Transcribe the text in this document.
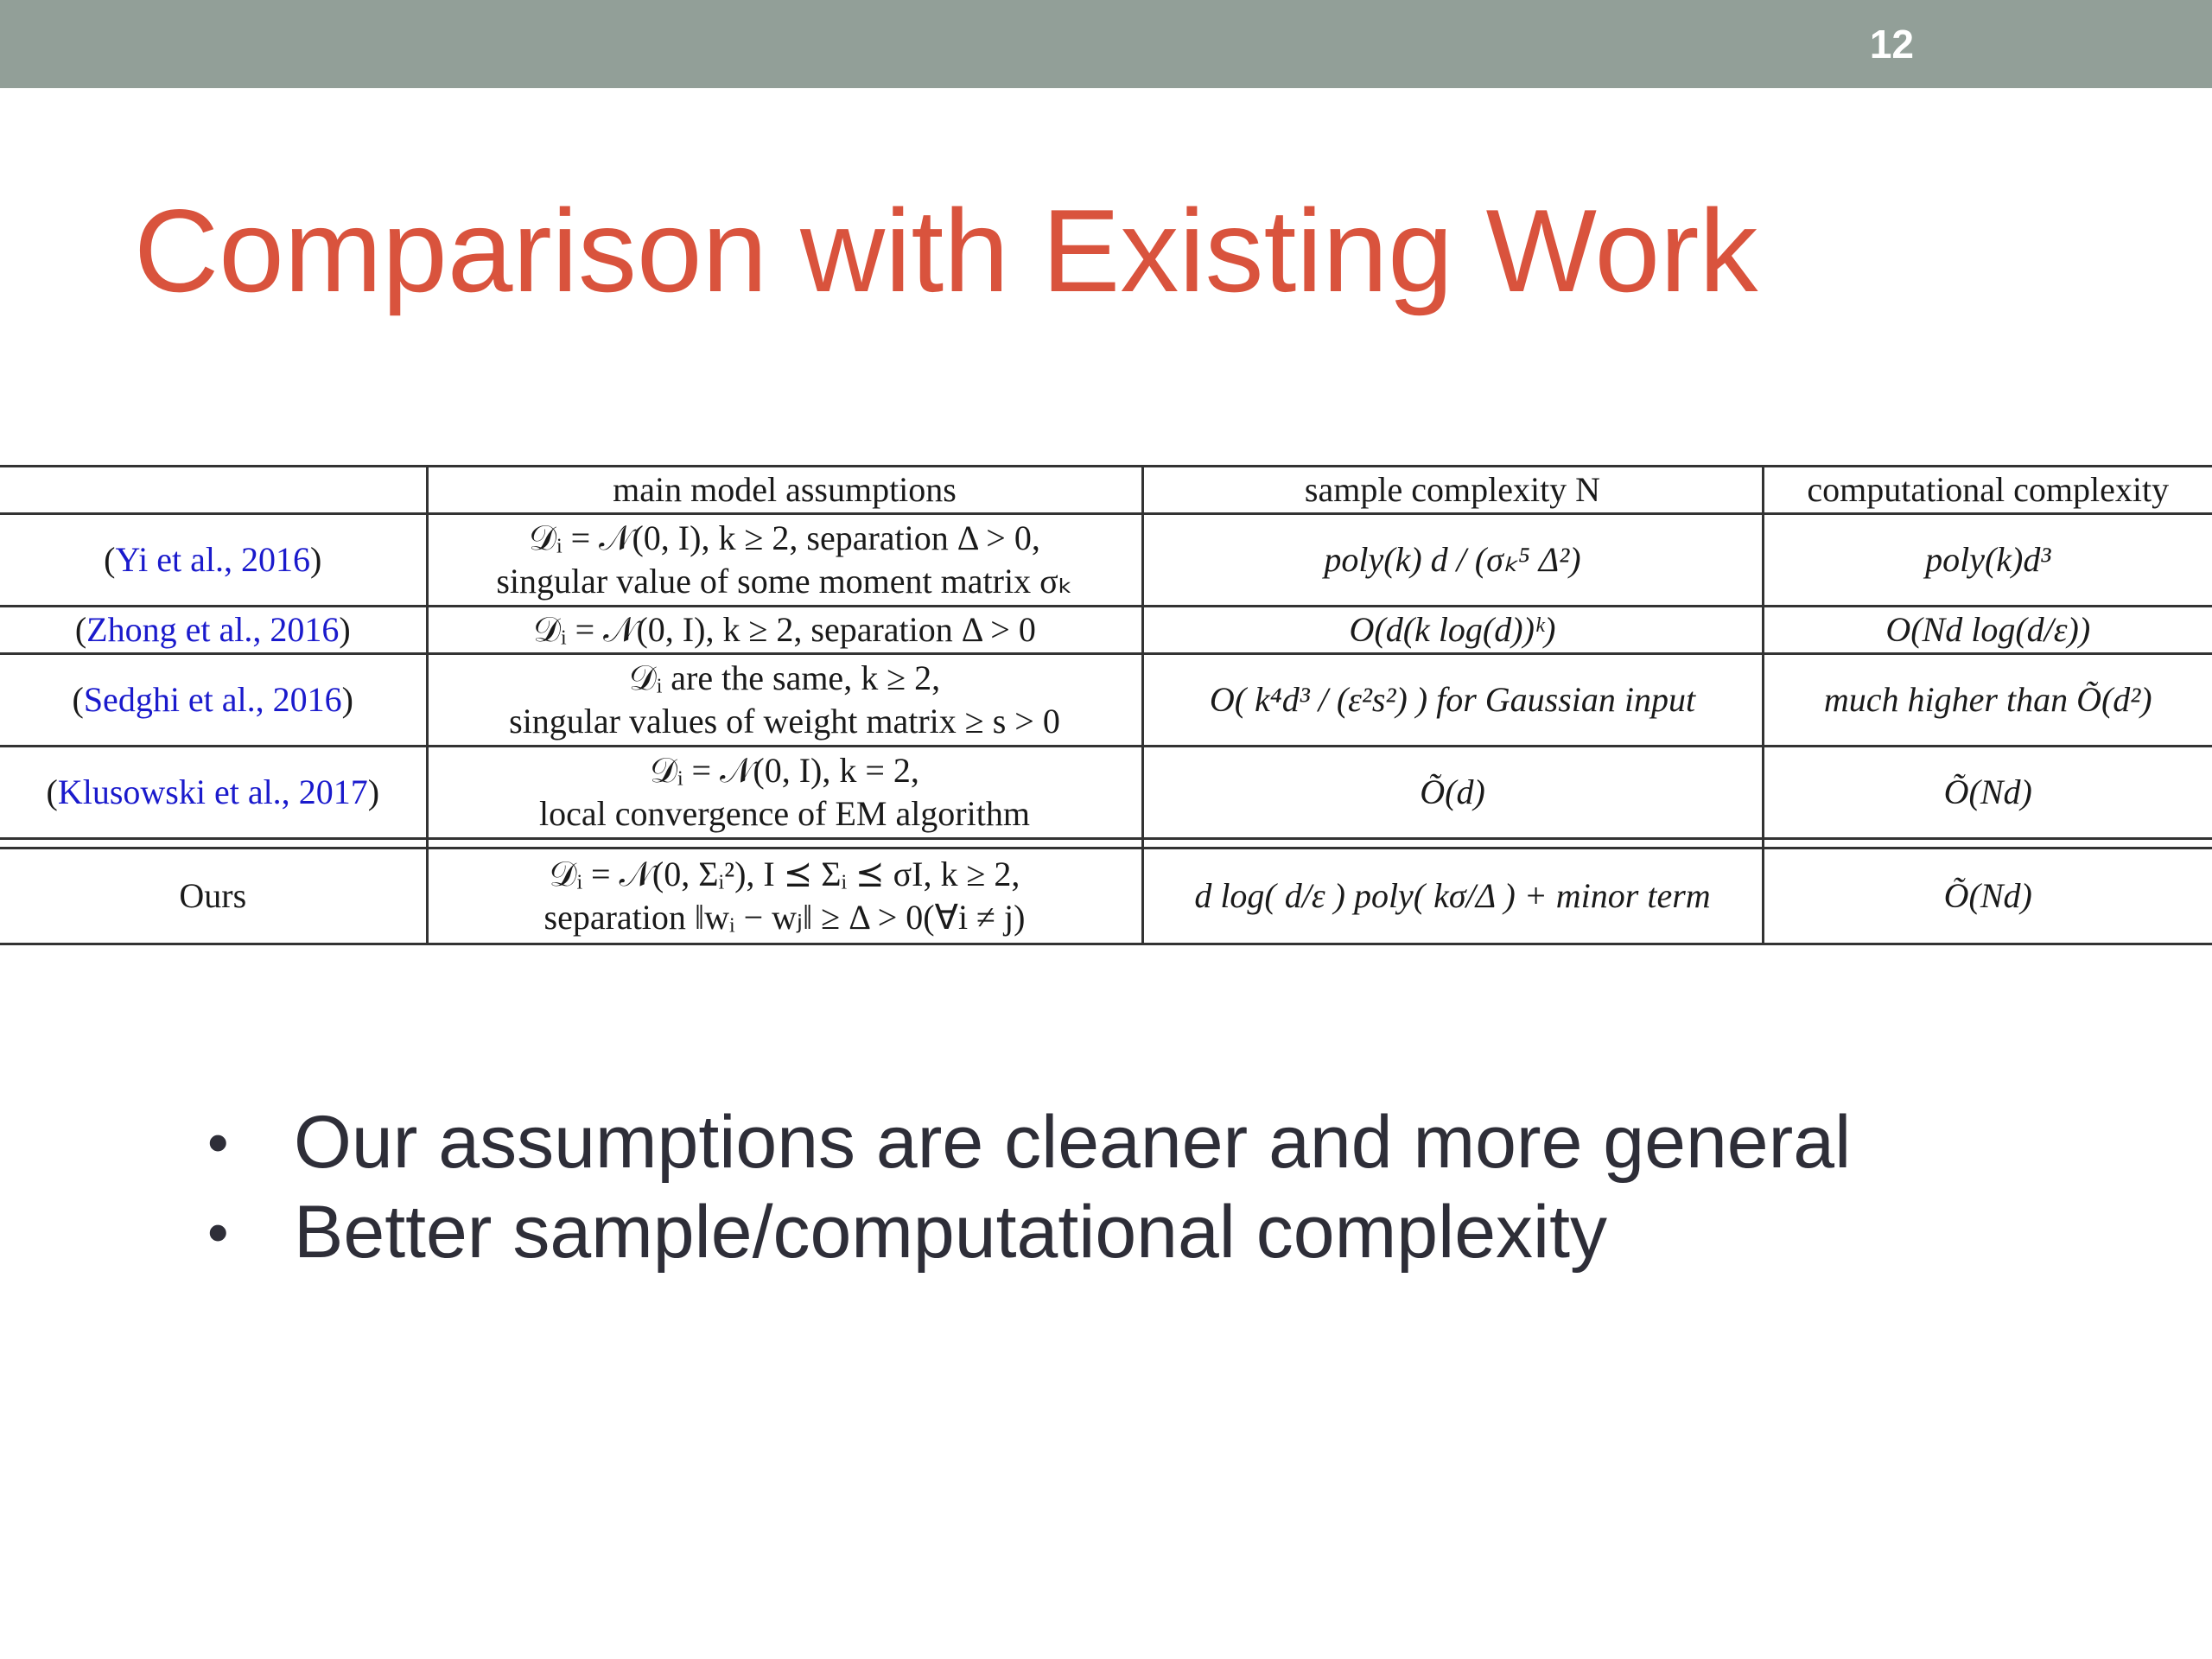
12
Comparison with Existing Work
	main model assumptions	sample complexity N	computational complexity
(Yi et al., 2016)	𝒟ᵢ = 𝒩(0, I), k ≥ 2, separation Δ > 0,
singular value of some moment matrix σₖ	poly(k) d / (σₖ⁵ Δ²)	poly(k)d³
(Zhong et al., 2016)	𝒟ᵢ = 𝒩(0, I), k ≥ 2, separation Δ > 0	O(d(k log(d))ᵏ)	O(Nd log(d/ε))
(Sedghi et al., 2016)	𝒟ᵢ are the same, k ≥ 2,
singular values of weight matrix ≥ s > 0	O( k⁴d³ / (ε²s²) ) for Gaussian input	much higher than Õ(d²)
(Klusowski et al., 2017)	𝒟ᵢ = 𝒩(0, I), k = 2,
local convergence of EM algorithm	Õ(d)	Õ(Nd)

Ours	𝒟ᵢ = 𝒩(0, Σᵢ²), I ⪯ Σᵢ ⪯ σI, k ≥ 2,
separation ‖wᵢ − wⱼ‖ ≥ Δ > 0(∀i ≠ j)	d log( d/ε ) poly( kσ/Δ ) + minor term	Õ(Nd)
• Our assumptions are cleaner and more general
• Better sample/computational complexity
